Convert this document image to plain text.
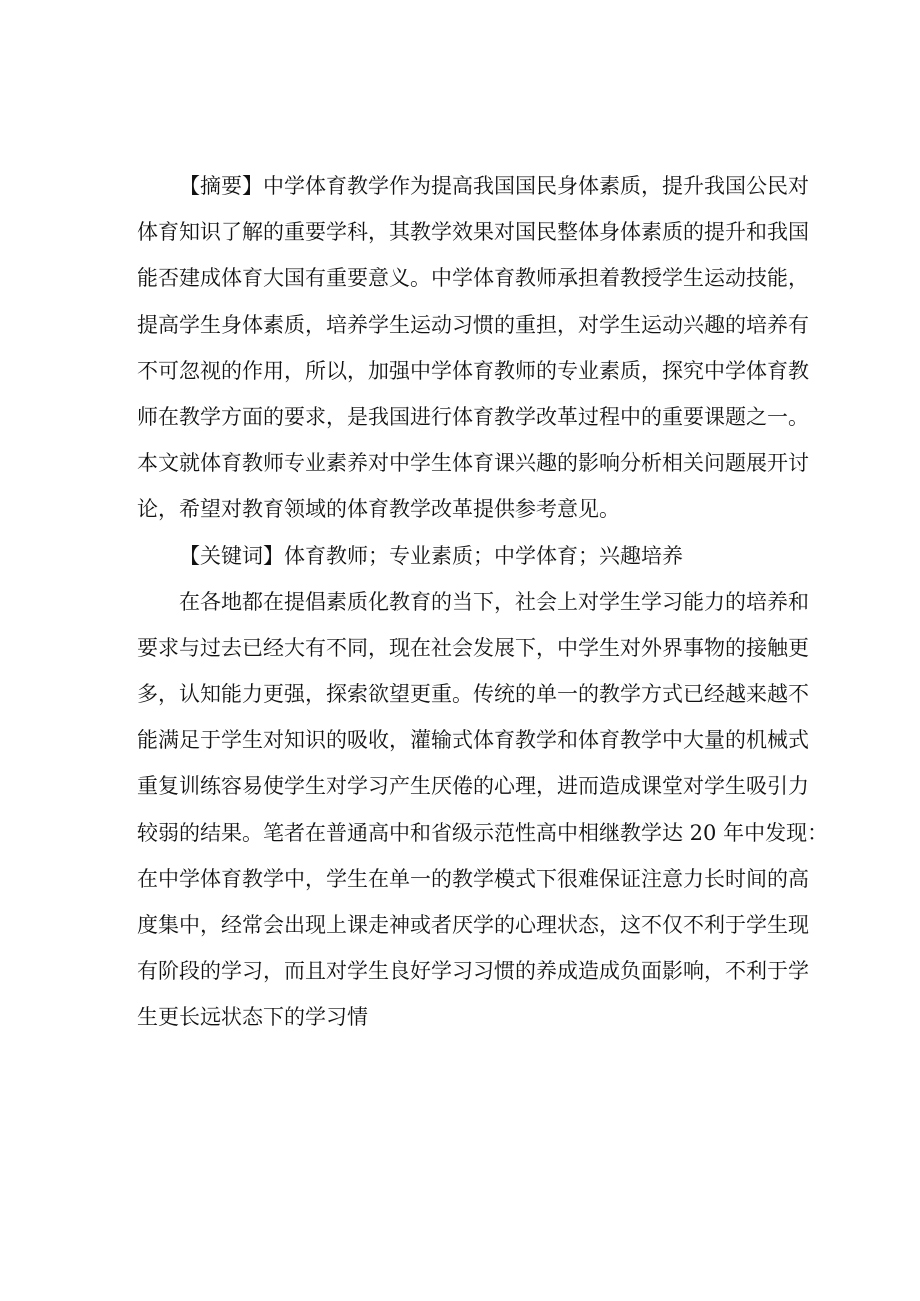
【摘要】中学体育教学作为提高我国国民身体素质，提升我国公民对
体育知识了解的重要学科，其教学效果对国民整体身体素质的提升和我国
能否建成体育大国有重要意义。中学体育教师承担着教授学生运动技能，
提高学生身体素质，培养学生运动习惯的重担，对学生运动兴趣的培养有
不可忽视的作用，所以，加强中学体育教师的专业素质，探究中学体育教
师在教学方面的要求，是我国进行体育教学改革过程中的重要课题之一。
本文就体育教师专业素养对中学生体育课兴趣的影响分析相关问题展开讨
论，希望对教育领域的体育教学改革提供参考意见。
【关键词】体育教师；专业素质；中学体育；兴趣培养
在各地都在提倡素质化教育的当下，社会上对学生学习能力的培养和
要求与过去已经大有不同，现在社会发展下，中学生对外界事物的接触更
多，认知能力更强，探索欲望更重。传统的单一的教学方式已经越来越不
能满足于学生对知识的吸收，灌输式体育教学和体育教学中大量的机械式
重复训练容易使学生对学习产生厌倦的心理，进而造成课堂对学生吸引力
较弱的结果。笔者在普通高中和省级示范性高中相继教学达 20 年中发现：
在中学体育教学中，学生在单一的教学模式下很难保证注意力长时间的高
度集中，经常会出现上课走神或者厌学的心理状态，这不仅不利于学生现
有阶段的学习，而且对学生良好学习习惯的养成造成负面影响，不利于学
生更长远状态下的学习情
